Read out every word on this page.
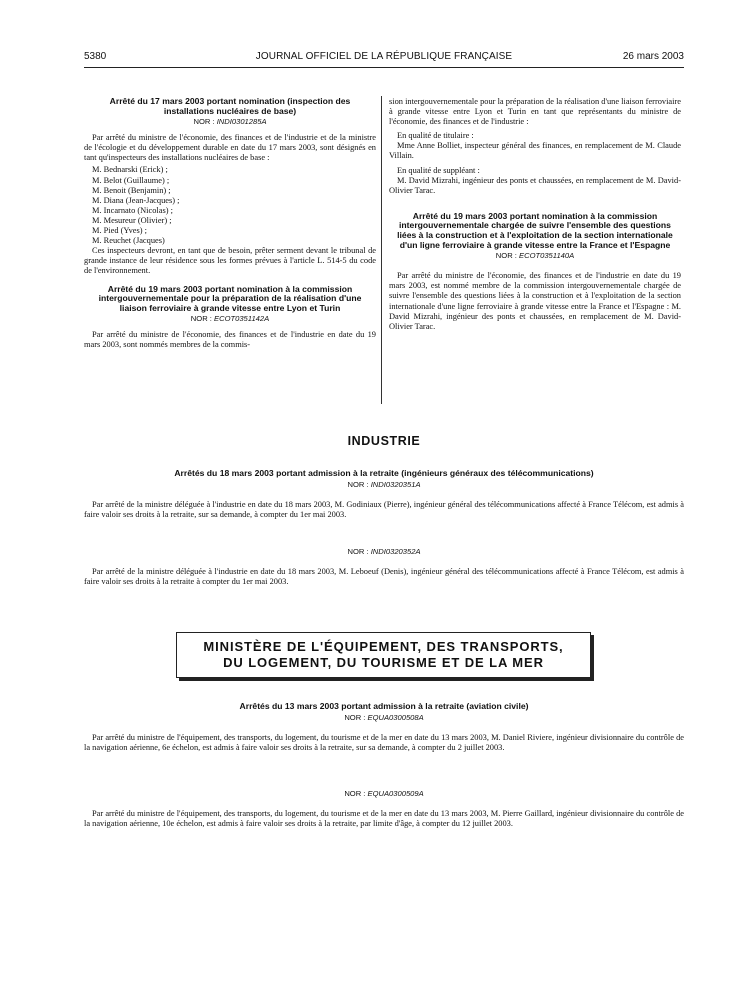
5380	JOURNAL OFFICIEL DE LA RÉPUBLIQUE FRANÇAISE	26 mars 2003
Arrêté du 17 mars 2003 portant nomination (inspection des installations nucléaires de base)
NOR : INDI0301285A

Par arrêté du ministre de l'économie, des finances et de l'industrie et de la ministre de l'écologie et du développement durable en date du 17 mars 2003, sont désignés en tant qu'inspecteurs des installations nucléaires de base :

M. Bednarski (Erick) ;
M. Belot (Guillaume) ;
M. Benoit (Benjamin) ;
M. Diana (Jean-Jacques) ;
M. Incarnato (Nicolas) ;
M. Mesureur (Olivier) ;
M. Pied (Yves) ;
M. Reuchet (Jacques)

Ces inspecteurs devront, en tant que de besoin, prêter serment devant le tribunal de grande instance de leur résidence sous les formes prévues à l'article L. 514-5 du code de l'environnement.

Arrêté du 19 mars 2003 portant nomination à la commission intergouvernementale pour la préparation de la réalisation d'une liaison ferroviaire à grande vitesse entre Lyon et Turin
NOR : ECOT0351142A

Par arrêté du ministre de l'économie, des finances et de l'industrie en date du 19 mars 2003, sont nommés membres de la commis-

sion intergouvernementale pour la préparation de la réalisation d'une liaison ferroviaire à grande vitesse entre Lyon et Turin en tant que représentants du ministre de l'économie, des finances et de l'industrie :

En qualité de titulaire :

Mme Anne Bolliet, inspecteur général des finances, en remplacement de M. Claude Villain.

En qualité de suppléant :

M. David Mizrahi, ingénieur des ponts et chaussées, en remplacement de M. David-Olivier Tarac.

Arrêté du 19 mars 2003 portant nomination à la commission intergouvernementale chargée de suivre l'ensemble des questions liées à la construction et à l'exploitation de la section internationale d'un ligne ferroviaire à grande vitesse entre la France et l'Espagne
NOR : ECOT0351140A

Par arrêté du ministre de l'économie, des finances et de l'industrie en date du 19 mars 2003, est nommé membre de la commission intergouvernementale chargée de suivre l'ensemble des questions liées à la construction et à l'exploitation de la section internationale d'une ligne ferroviaire à grande vitesse entre la France et l'Espagne : M. David Mizrahi, ingénieur des ponts et chaussées, en remplacement de M. David-Olivier Tarac.

INDUSTRIE
Arrêtés du 18 mars 2003 portant admission à la retraite (ingénieurs généraux des télécommunications)
NOR : INDI0320351A

Par arrêté de la ministre déléguée à l'industrie en date du 18 mars 2003, M. Godiniaux (Pierre), ingénieur général des télécommunications affecté à France Télécom, est admis à faire valoir ses droits à la retraite, sur sa demande, à compter du 1er mai 2003.

NOR : INDI0320352A

Par arrêté de la ministre déléguée à l'industrie en date du 18 mars 2003, M. Leboeuf (Denis), ingénieur général des télécommunications affecté à France Télécom, est admis à faire valoir ses droits à la retraite à compter du 1er mai 2003.

MINISTÈRE DE L'ÉQUIPEMENT, DES TRANSPORTS,
DU LOGEMENT, DU TOURISME ET DE LA MER
Arrêtés du 13 mars 2003 portant admission à la retraite (aviation civile)
NOR : EQUA0300508A

Par arrêté du ministre de l'équipement, des transports, du logement, du tourisme et de la mer en date du 13 mars 2003, M. Daniel Riviere, ingénieur divisionnaire du contrôle de la navigation aérienne, 6e échelon, est admis à faire valoir ses droits à la retraite, sur sa demande, à compter du 2 juillet 2003.

NOR : EQUA0300509A

Par arrêté du ministre de l'équipement, des transports, du logement, du tourisme et de la mer en date du 13 mars 2003, M. Pierre Gaillard, ingénieur divisionnaire du contrôle de la navigation aérienne, 10e échelon, est admis à faire valoir ses droits à la retraite, par limite d'âge, à compter du 12 juillet 2003.
